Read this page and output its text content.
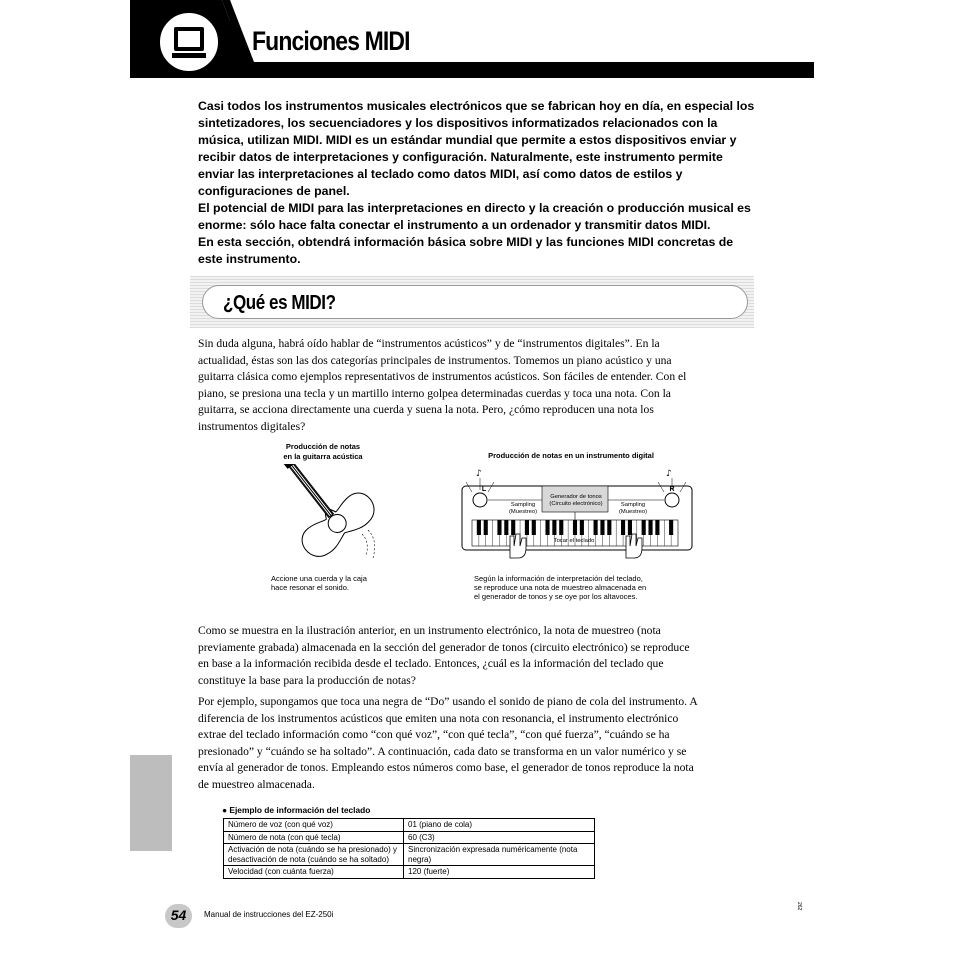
Funciones MIDI

Casi todos los instrumentos musicales electrónicos que se fabrican hoy en día, en especial los sintetizadores, los secuenciadores y los dispositivos informatizados relacionados con la música, utilizan MIDI. MIDI es un estándar mundial que permite a estos dispositivos enviar y recibir datos de interpretaciones y configuración. Naturalmente, este instrumento permite enviar las interpretaciones al teclado como datos MIDI, así como datos de estilos y configuraciones de panel.

El potencial de MIDI para las interpretaciones en directo y la creación o producción musical es enorme: sólo hace falta conectar el instrumento a un ordenador y transmitir datos MIDI.

En esta sección, obtendrá información básica sobre MIDI y las funciones MIDI concretas de este instrumento.

¿Qué es MIDI?
Sin duda alguna, habrá oído hablar de “instrumentos acústicos” y de “instrumentos digitales”. En la actualidad, éstas son las dos categorías principales de instrumentos. Tomemos un piano acústico y una guitarra clásica como ejemplos representativos de instrumentos acústicos. Son fáciles de entender. Con el piano, se presiona una tecla y un martillo interno golpea determinadas cuerdas y toca una nota. Con la guitarra, se acciona directamente una cuerda y suena la nota. Pero, ¿cómo reproducen una nota los instrumentos digitales?
Producción de notas
en la guitarra acústica
Accione una cuerda y la caja
hace resonar el sonido.
Producción de notas en un instrumento digital
♪	♪
L	R
Sampling
(Muestreo)
Generador de tonos
(Circuito electrónico)	Sampling
(Muestreo)
Tocar el teclado
Según la información de interpretación del teclado,
se reproduce una nota de muestreo almacenada en
el generador de tonos y se oye por los altavoces.
Como se muestra en la ilustración anterior, en un instrumento electrónico, la nota de muestreo (nota previamente grabada) almacenada en la sección del generador de tonos (circuito electrónico) se reproduce en base a la información recibida desde el teclado. Entonces, ¿cuál es la información del teclado que constituye la base para la producción de notas?
Por ejemplo, supongamos que toca una negra de “Do” usando el sonido de piano de cola del instrumento. A diferencia de los instrumentos acústicos que emiten una nota con resonancia, el instrumento electrónico extrae del teclado información como “con qué voz”, “con qué tecla”, “con qué fuerza”, “cuándo se ha presionado” y “cuándo se ha soltado”. A continuación, cada dato se transforma en un valor numérico y se envía al generador de tonos. Empleando estos números como base, el generador de tonos reproduce la nota de muestreo almacenada.
● Ejemplo de información del teclado
Número de voz (con qué voz)	01 (piano de cola)
Número de nota (con qué tecla)	60 (C3)
Activación de nota (cuándo se ha presionado) y desactivación de nota (cuándo se ha soltado)	Sincronización expresada numéricamente (nota negra)
Velocidad (con cuánta fuerza)	120 (fuerte)
54	Manual de instrucciones del EZ-250i
262
